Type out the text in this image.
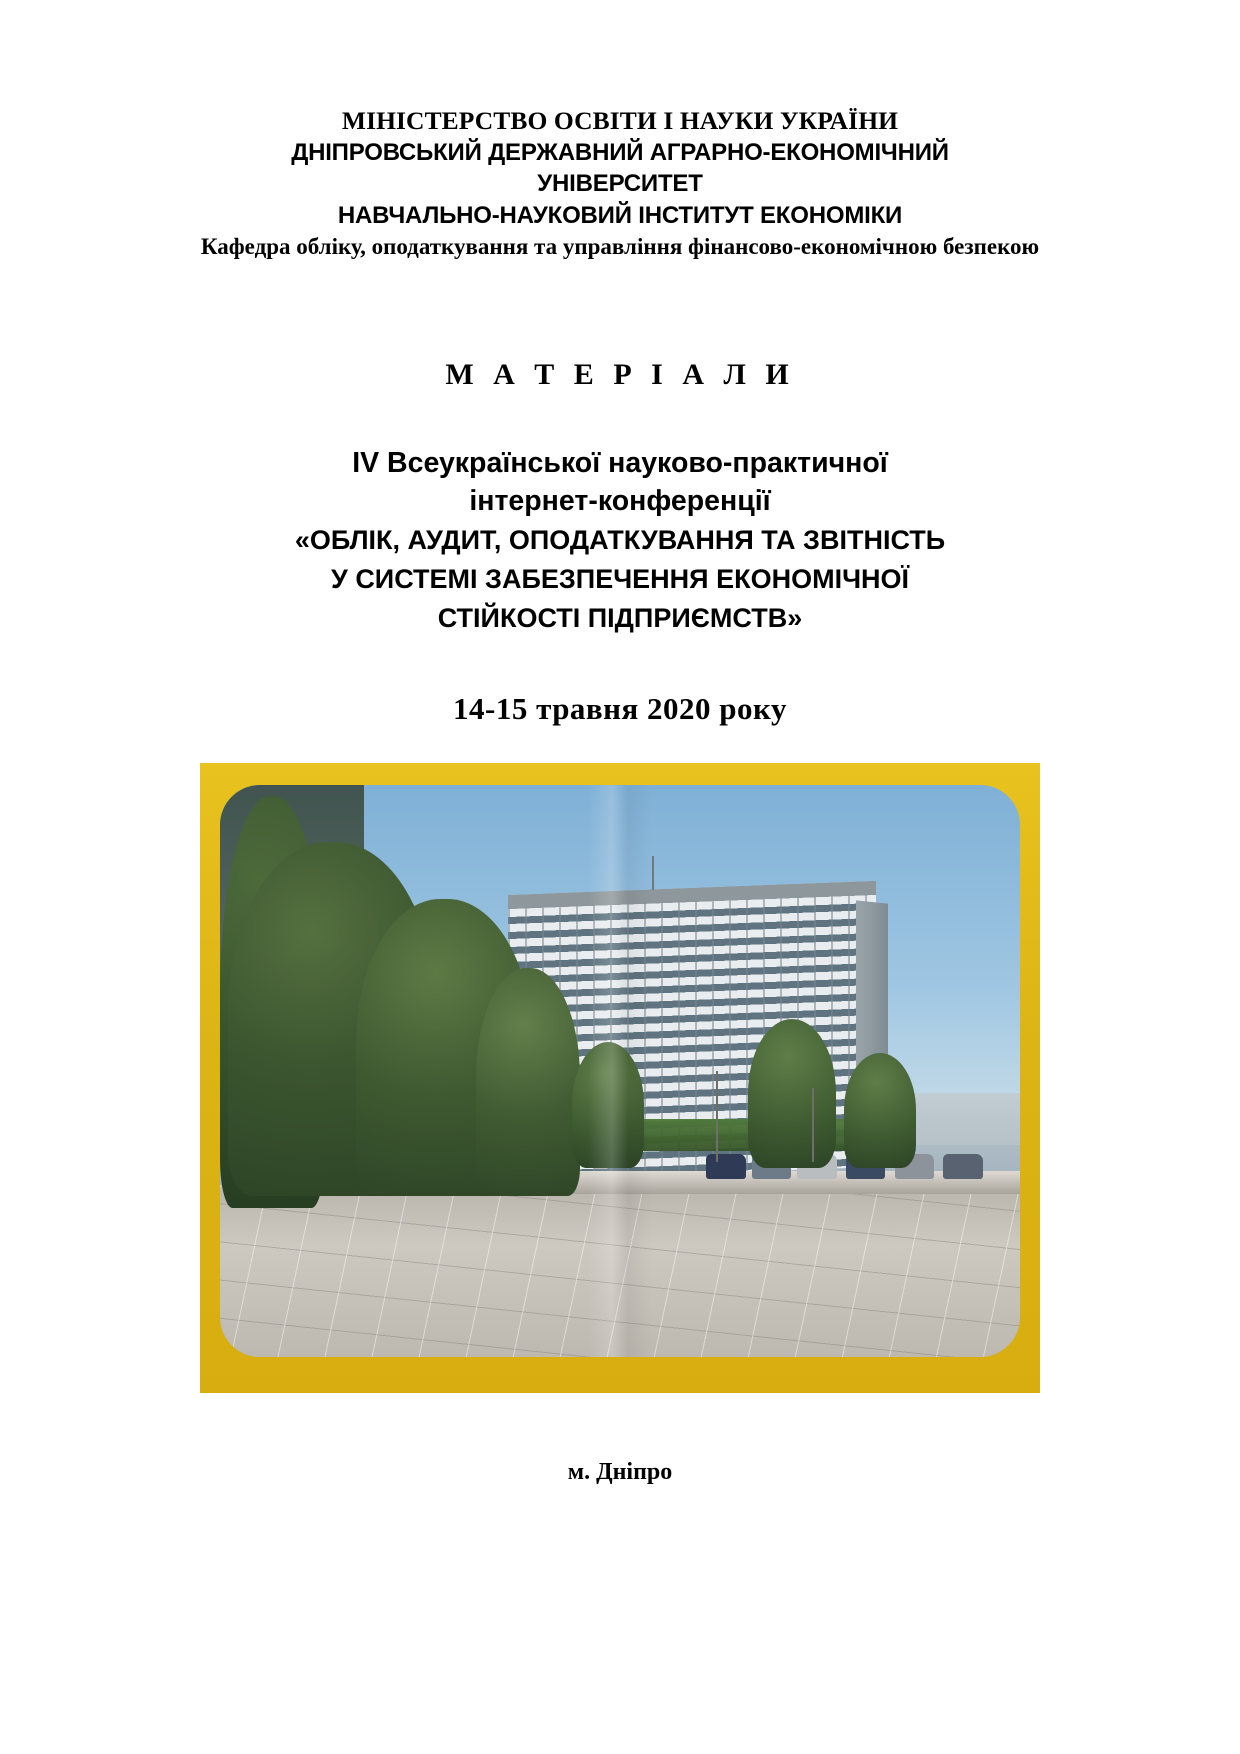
МІНІСТЕРСТВО ОСВІТИ І НАУКИ УКРАЇНИ
ДНІПРОВСЬКИЙ ДЕРЖАВНИЙ АГРАРНО-ЕКОНОМІЧНИЙ
УНІВЕРСИТЕТ
НАВЧАЛЬНО-НАУКОВИЙ ІНСТИТУТ ЕКОНОМІКИ
Кафедра обліку, оподаткування та управління фінансово-економічною безпекою
М А Т Е Р І А Л И
IV Всеукраїнської науково-практичної
інтернет-конференції
«ОБЛІК, АУДИТ, ОПОДАТКУВАННЯ ТА ЗВІТНІСТЬ
У СИСТЕМІ ЗАБЕЗПЕЧЕННЯ ЕКОНОМІЧНОЇ
СТІЙКОСТІ ПІДПРИЄМСТВ»
14-15 травня 2020 року
м. Дніпро
